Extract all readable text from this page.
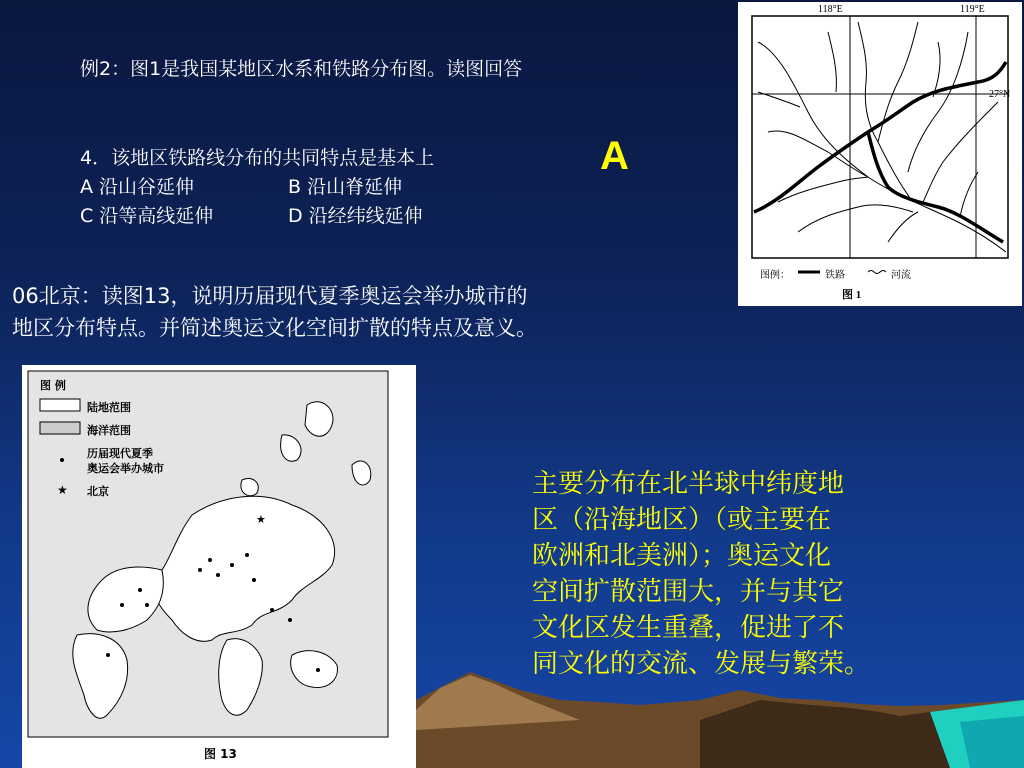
例2：图1是我国某地区水系和铁路分布图。读图回答
4．该地区铁路线分布的共同特点是基本上
A 沿山谷延伸	B 沿山脊延伸
C 沿等高线延伸	D 沿经纬线延伸
A
06北京：读图13，说明历届现代夏季奥运会举办城市的
地区分布特点。并简述奥运文化空间扩散的特点及意义。
主要分布在北半球中纬度地
区（沿海地区）（或主要在
欧洲和北美洲）；奥运文化
空间扩散范围大，并与其它
文化区发生重叠，促进了不
同文化的交流、发展与繁荣。
118°E	119°E
27°N
图例：	铁路	河流
图 1
★
★
图 例
陆地范围
海洋范围
历届现代夏季
奥运会举办城市
北京
图 13
